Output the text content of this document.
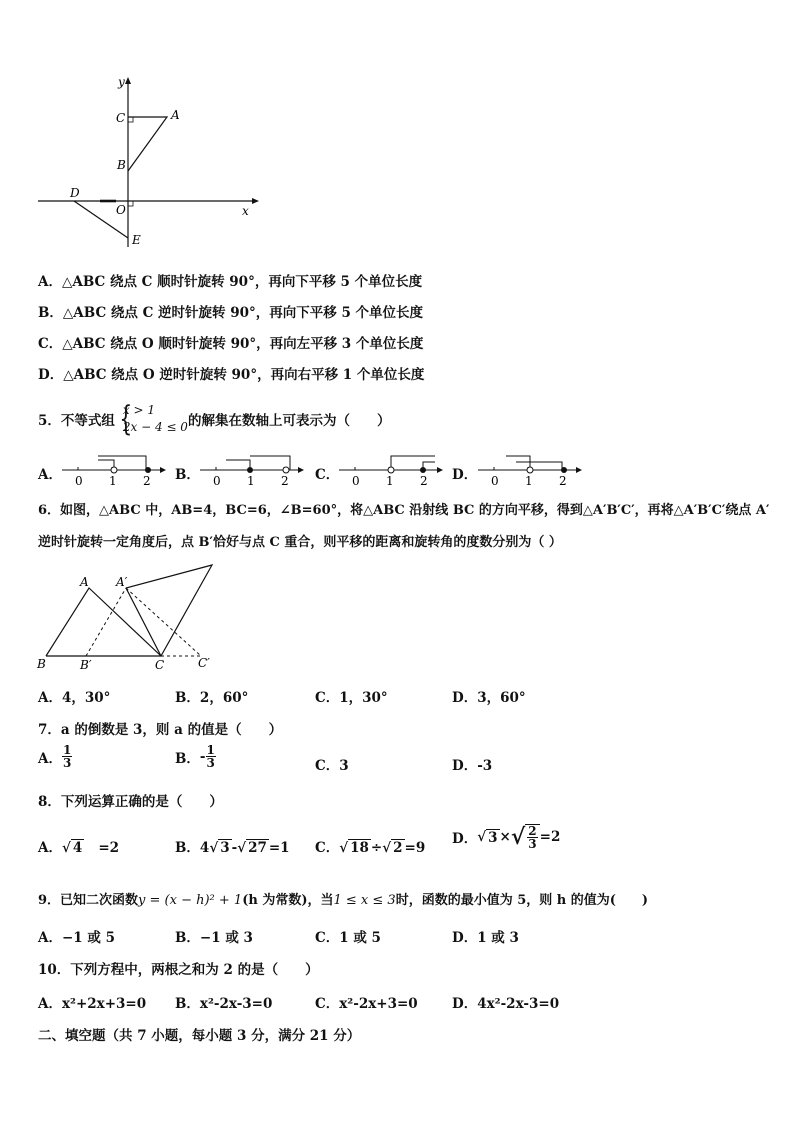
y
x
A
C
B
D
O
E
A．△ABC 绕点 C 顺时针旋转 90°，再向下平移 5 个单位长度
B．△ABC 绕点 C 逆时针旋转 90°，再向下平移 5 个单位长度
C．△ABC 绕点 O 顺时针旋转 90°，再向左平移 3 个单位长度
D．△ABC 绕点 O 逆时针旋转 90°，再向右平移 1 个单位长度
5．不等式组 {
x > 1
2x − 4 ≤ 0 的解集在数轴上可表示为（　　）
A．	B．	C．	D．
0 1 2	0 1 2	0 1 2	0 1 2
6．如图，△ABC 中，AB=4，BC=6，∠B=60°，将△ABC 沿射线 BC 的方向平移，得到△A′B′C′，再将△A′B′C′绕点 A′
逆时针旋转一定角度后，点 B′恰好与点 C 重合，则平移的距离和旋转角的度数分别为（ ）
A A′
B	B′	C	C′
A．4，30°	B．2，60°	C．1，30°	D．3，60°
7．a 的倒数是 3，则 a 的值是（　　）
A． $\frac{1}{3}$	B． - $\frac{1}{3}$	C．3	D．-3
8．下列运算正确的是（　　）
A．√ 4 =2	B．4√ 3 -√ 27 =1 C．√ 18 ÷√ 2 =9
D． √ 3 × √ $\frac{2}{3} =2$
9．已知二次函数y = (x − h)² + 1(h 为常数)，当1 ≤ x ≤ 3时，函数的最小值为 5，则 h 的值为(　　)
A．−1 或 5	B．−1 或 3	C．1 或 5	D．1 或 3
10．下列方程中，两根之和为 2 的是（　　）
A．x²+2x+3=0 B．x²-2x-3=0	C．x²-2x+3=0	D．4x²-2x-3=0
二、填空题（共 7 小题，每小题 3 分，满分 21 分）
